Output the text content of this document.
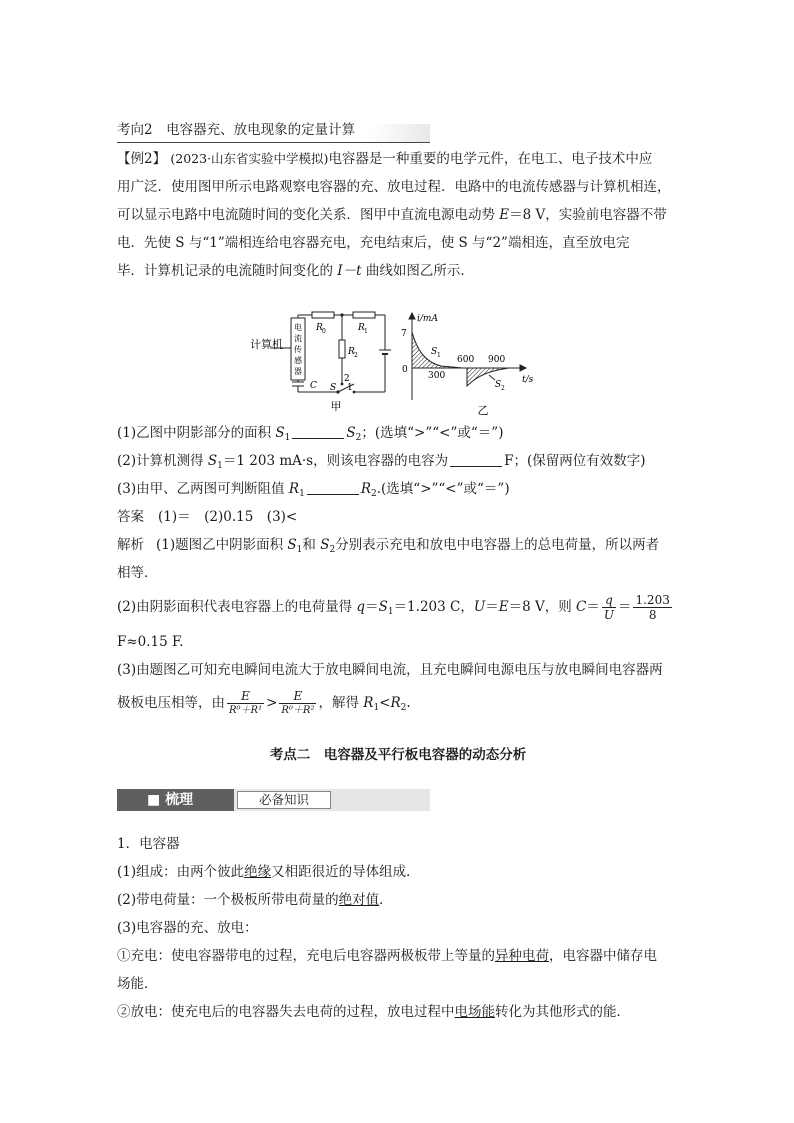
考向2　电容器充、放电现象的定量计算
【例2】 (2023·山东省实验中学模拟)电容器是一种重要的电学元件，在电工、电子技术中应
用广泛．使用图甲所示电路观察电容器的充、放电过程．电路中的电流传感器与计算机相连，
可以显示电路中电流随时间的变化关系．图甲中直流电源电动势 E＝8 V，实验前电容器不带
电．先使 S 与“1”端相连给电容器充电，充电结束后，使 S 与“2”端相连，直至放电完
毕．计算机记录的电流随时间变化的 I－t 曲线如图乙所示．
计算机
电
流
传
感
器
R 0	R 1
R 2
C S
2
1
甲
i/mA
7
0
S 1
300
600 900
S 2
t/s
乙
(1)乙图中阴影部分的面积 $S_1$	$S_2$；(选填“>”“<”或“＝”)
(2)计算机测得 $S_1=1$ 203 mA·s，则该电容器的电容为	F；(保留两位有效数字)
(3)由甲、乙两图可判断阻值 $R_1$	$R_2$.(选填“>”“<”或“＝”)
答案 (1)＝　(2)0.15　(3)<
解析 (1)题图乙中阴影面积 $S_1$和 $S_2$分别表示充电和放电中电容器上的总电荷量，所以两者
相等．
(2)由阴影面积代表电容器上的电荷量得 $q=S_1=1.203$ C，U＝E＝8 V，则 $C= \frac{q}{U} = \frac{1.203}{8}$
F≈0.15 F.
(3)由题图乙可知充电瞬间电流大于放电瞬间电流，且充电瞬间电源电压与放电瞬间电容器两
极板电压相等，由 $\frac{E}{\text{R⁰＋R¹}} > \frac{E}{\text{R⁰＋R²}}$ ，解得 $R_1<R_2$.
考点二　电容器及平行板电容器的动态分析
■ 梳理	必备知识
1．电容器
(1)组成：由两个彼此绝缘又相距很近的导体组成．
(2)带电荷量：一个极板所带电荷量的绝对值．
(3)电容器的充、放电：
①充电：使电容器带电的过程，充电后电容器两极板带上等量的异种电荷，电容器中储存电
场能．
②放电：使充电后的电容器失去电荷的过程，放电过程中电场能转化为其他形式的能．
